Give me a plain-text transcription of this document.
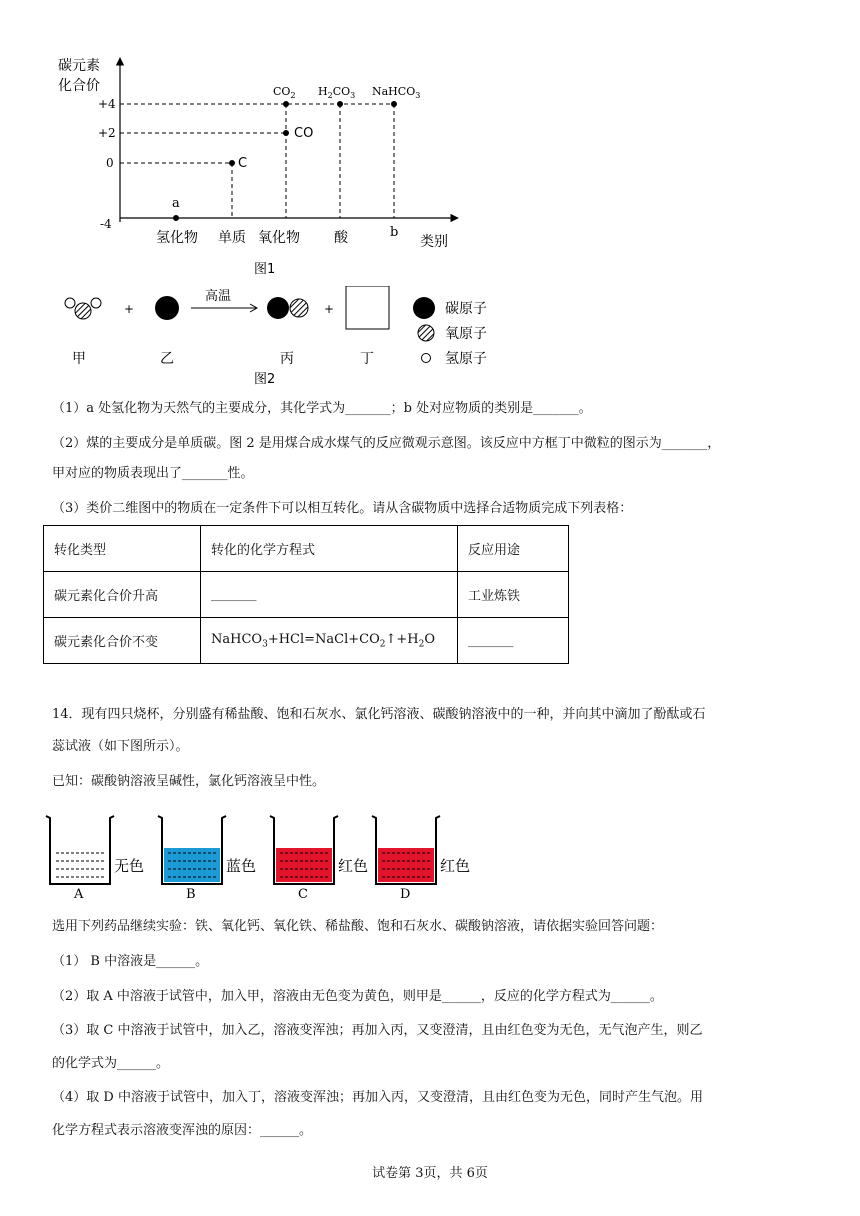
碳元素
化合价
+4
+2
0
-4
氢化物 单质 氧化物 酸	类别
a
b
C
CO
$CO_2$ $H_2CO_3$ NaHCO$_3$
图1
+
高温
+	碳原子
氧原子
氢原子
甲	乙	丙	丁
图2
（1）a 处氢化物为天然气的主要成分，其化学式为_______；b 处对应物质的类别是_______。
（2）煤的主要成分是单质碳。图 2 是用煤合成水煤气的反应微观示意图。该反应中方框丁中微粒的图示为_______，
甲对应的物质表现出了_______性。
（3）类价二维图中的物质在一定条件下可以相互转化。请从含碳物质中选择合适物质完成下列表格：
转化类型	转化的化学方程式	反应用途
碳元素化合价升高	_______	工业炼铁
碳元素化合价不变	$NaHCO_3+HCl=NaCl+CO_2↑+H_2O$	_______
14．现有四只烧杯，分别盛有稀盐酸、饱和石灰水、氯化钙溶液、碳酸钠溶液中的一种，并向其中滴加了酚酞或石
蕊试液（如下图所示）。
已知：碳酸钠溶液呈碱性，氯化钙溶液呈中性。
无色
A
蓝色
B
红色
C
红色
D
选用下列药品继续实验：铁、氧化钙、氧化铁、稀盐酸、饱和石灰水、碳酸钠溶液，请依据实验回答问题：
（1） B 中溶液是______。
（2）取 A 中溶液于试管中，加入甲，溶液由无色变为黄色，则甲是______，反应的化学方程式为______。
（3）取 C 中溶液于试管中，加入乙，溶液变浑浊；再加入丙，又变澄清，且由红色变为无色，无气泡产生，则乙
的化学式为______。
（4）取 D 中溶液于试管中，加入丁，溶液变浑浊；再加入丙，又变澄清，且由红色变为无色，同时产生气泡。用
化学方程式表示溶液变浑浊的原因：______。
试卷第 3页，共 6页
